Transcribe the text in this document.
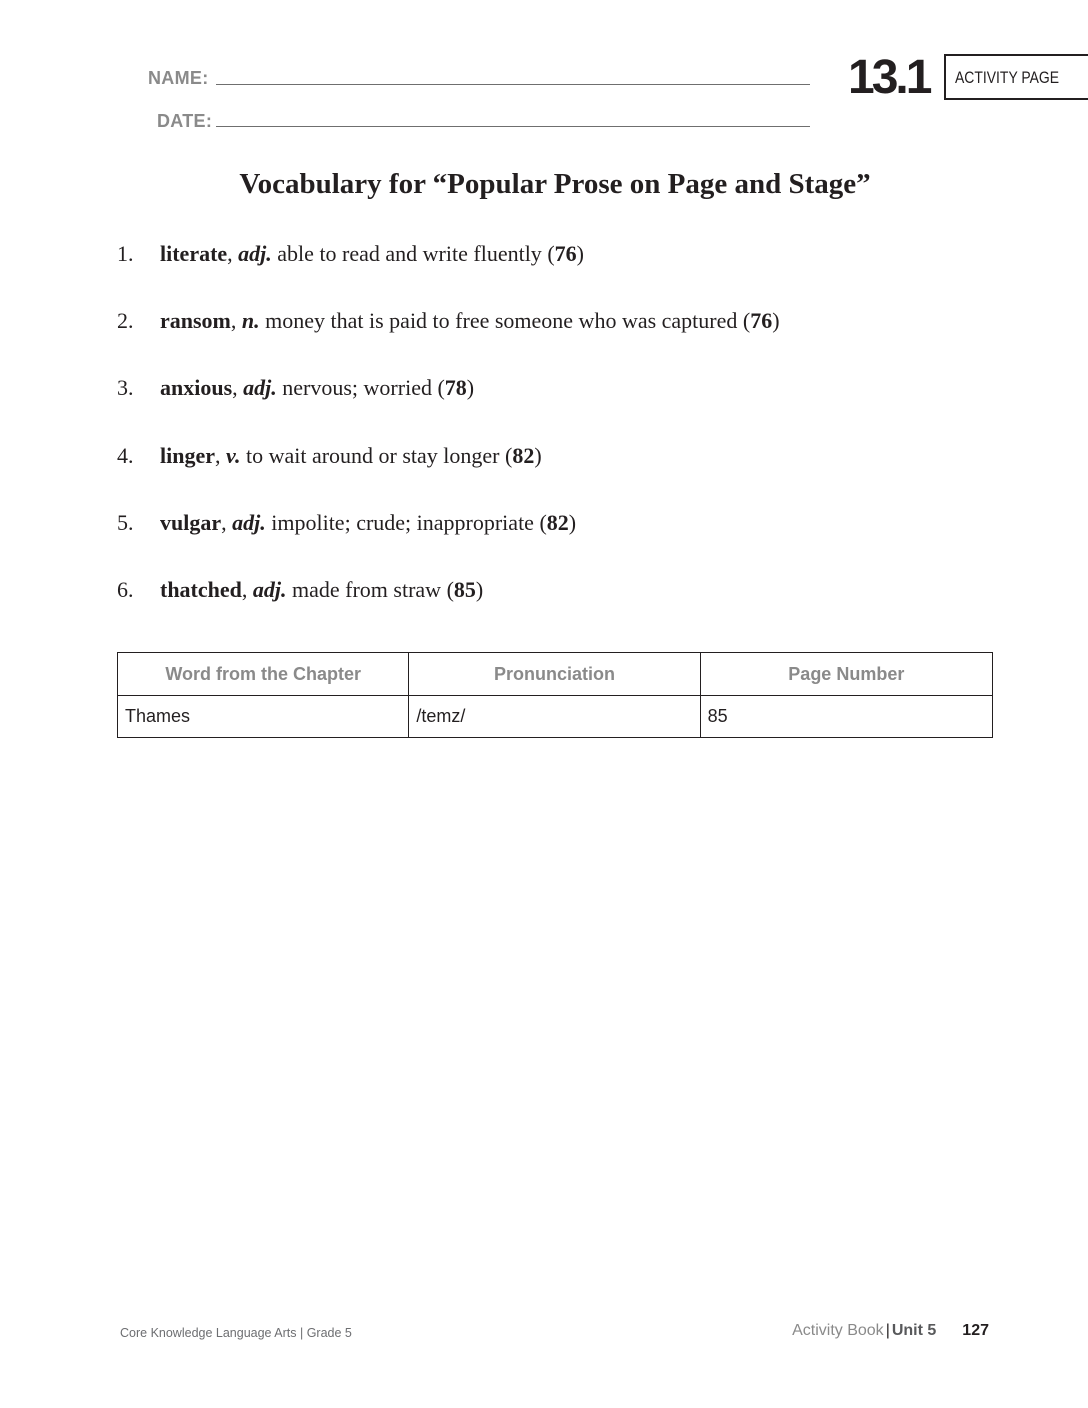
NAME:
DATE:
13.1	ACTIVITY PAGE
Vocabulary for “Popular Prose on Page and Stage”
1. literate, adj. able to read and write fluently (76)
2. ransom, n. money that is paid to free someone who was captured (76)
3. anxious, adj. nervous; worried (78)
4. linger, v. to wait around or stay longer (82)
5. vulgar, adj. impolite; crude; inappropriate (82)
6. thatched, adj. made from straw (85)
Word from the Chapter	Pronunciation	Page Number
Thames	/temz/	85
Core Knowledge Language Arts | Grade 5	Activity Book | Unit 5 127
